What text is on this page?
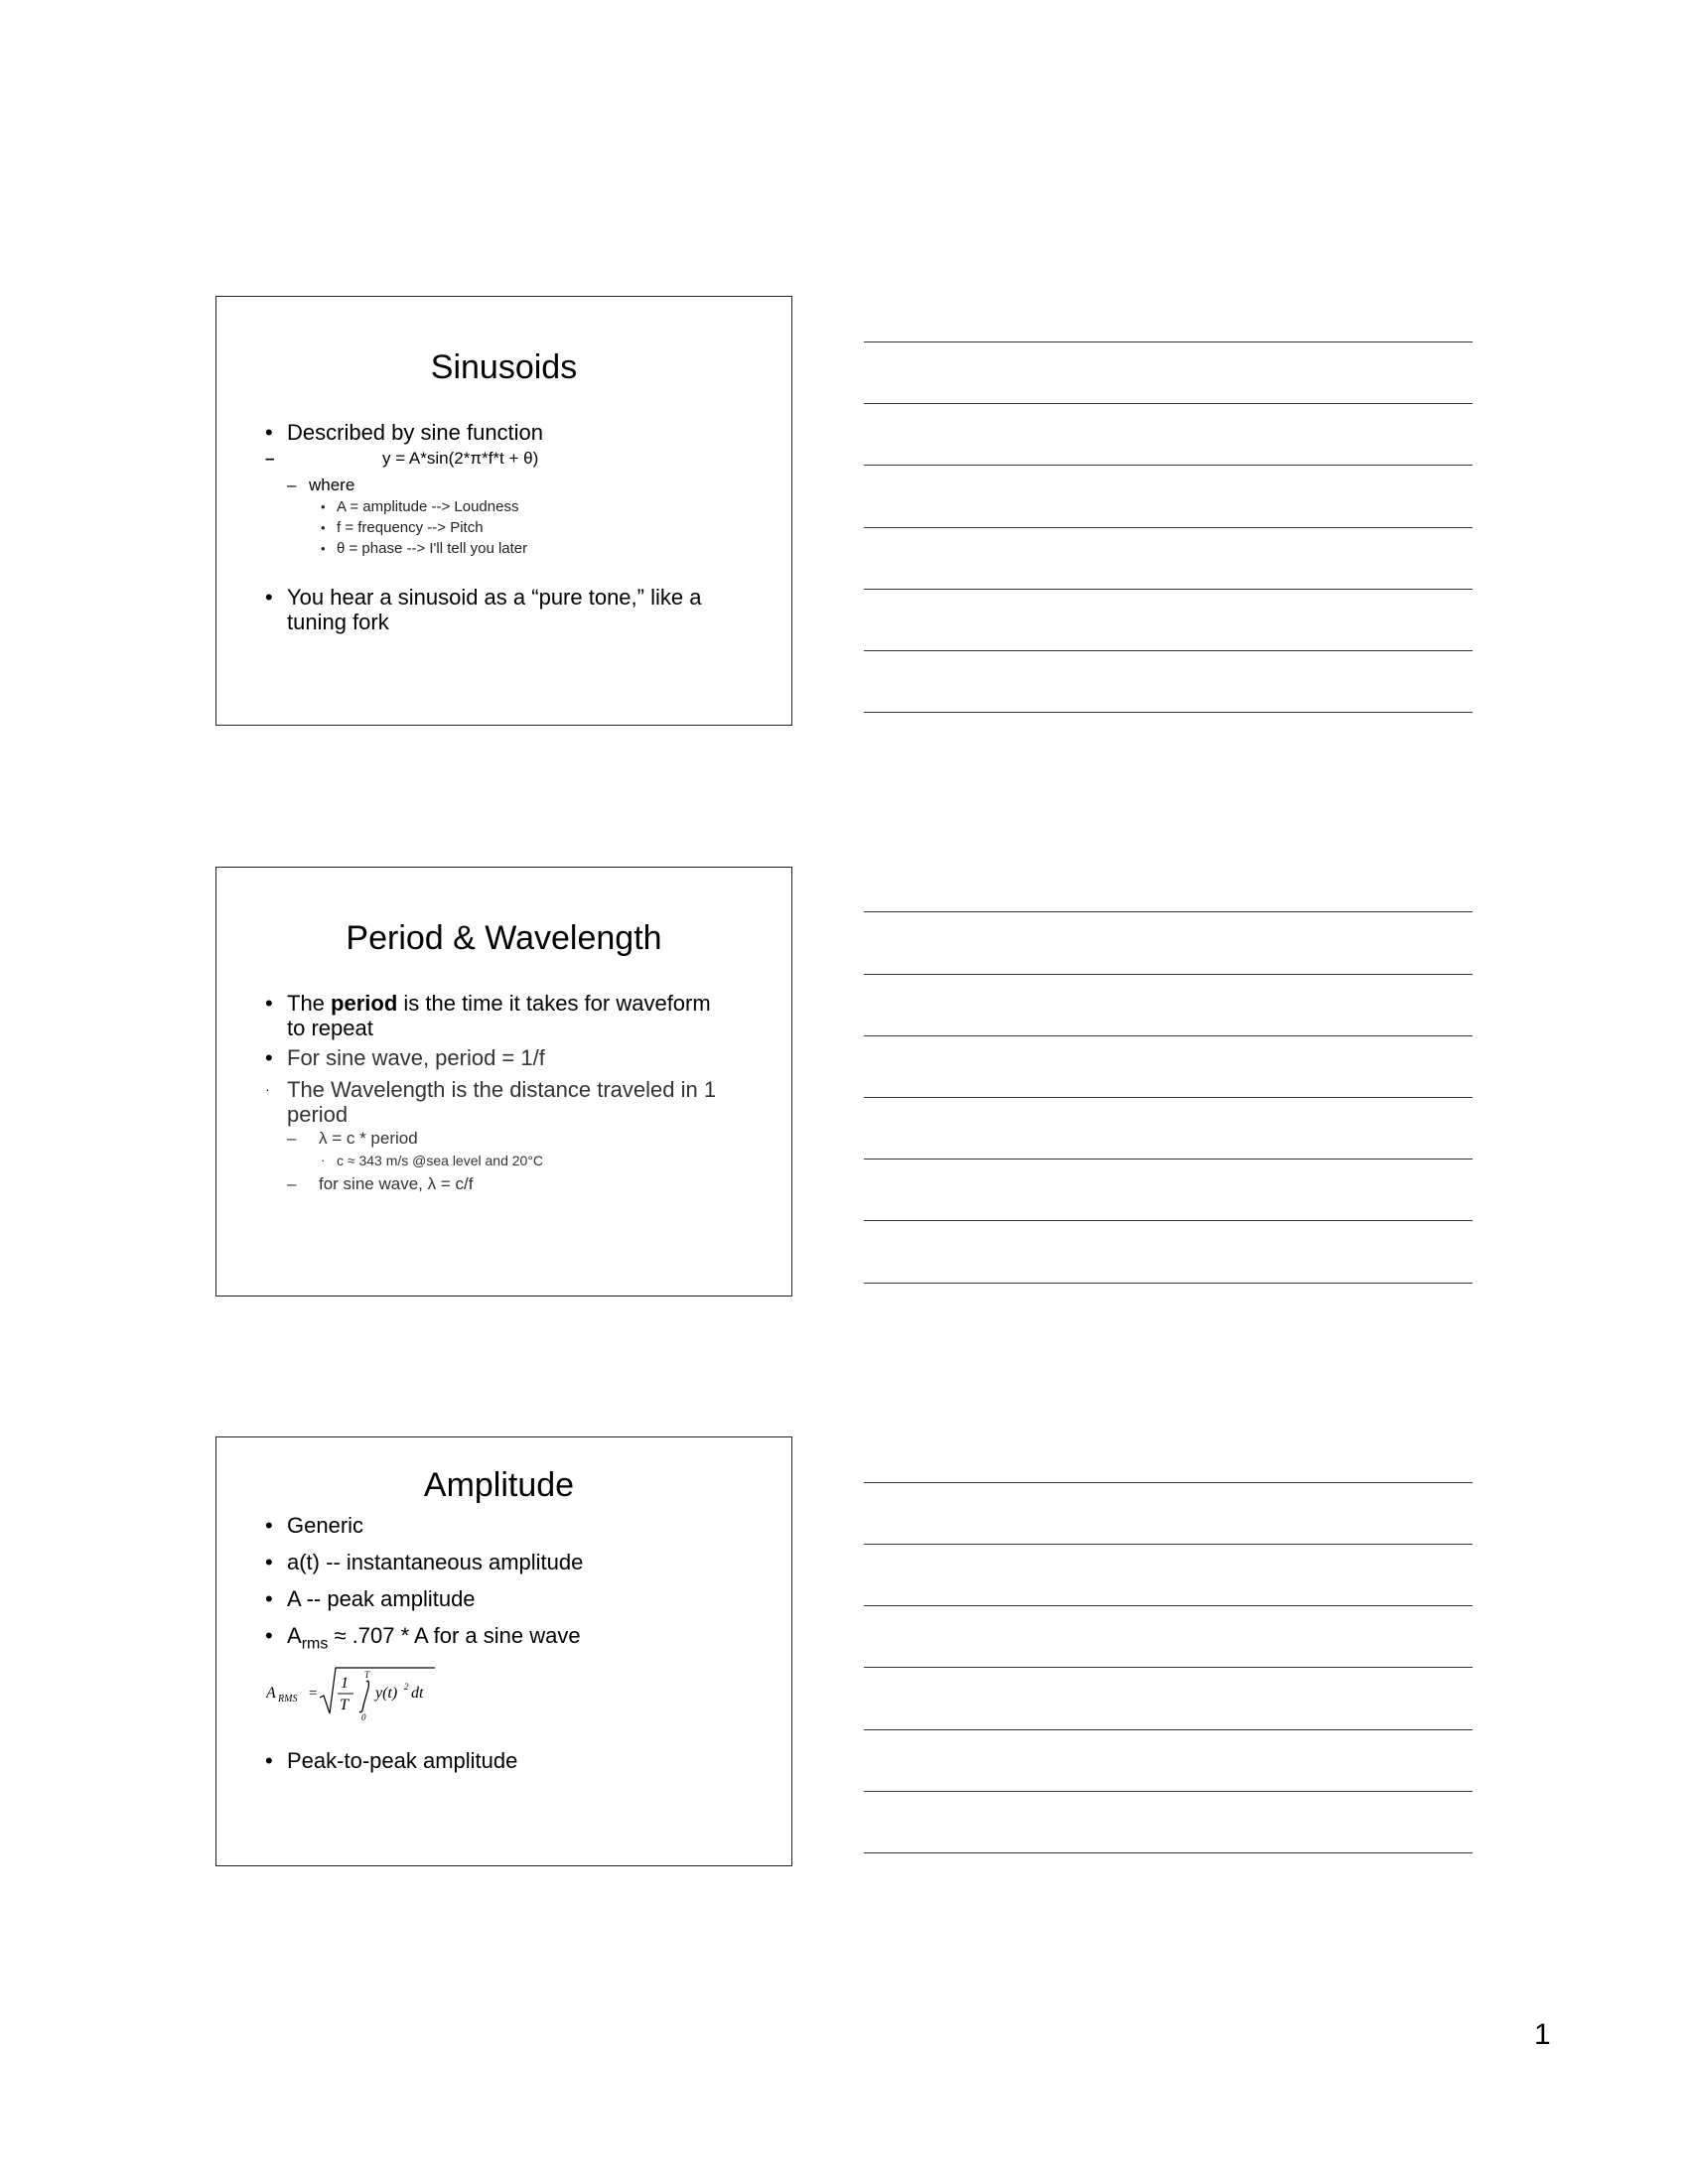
Sinusoids
• Described by sine function
–	y = A*sin(2*π*f*t + θ)
– where
• A = amplitude --> Loudness
• f = frequency --> Pitch
• θ = phase --> I'll tell you later
• You hear a sinusoid as a “pure tone,” like a
tuning fork
Period & Wavelength
• The period is the time it takes for waveform
to repeat
• For sine wave, period = 1/f
· The Wavelength is the distance traveled in 1
period
– λ = c * period
· c ≈ 343 m/s @sea level and 20°C
– for sine wave, λ = c/f
Amplitude
• Generic
• a(t) -- instantaneous amplitude
• A -- peak amplitude
• $A_{rms} \approx .707 * A$ for a sine wave
A RMS =
1
T
T
0
y(t) 2 dt
• Peak-to-peak amplitude
1
